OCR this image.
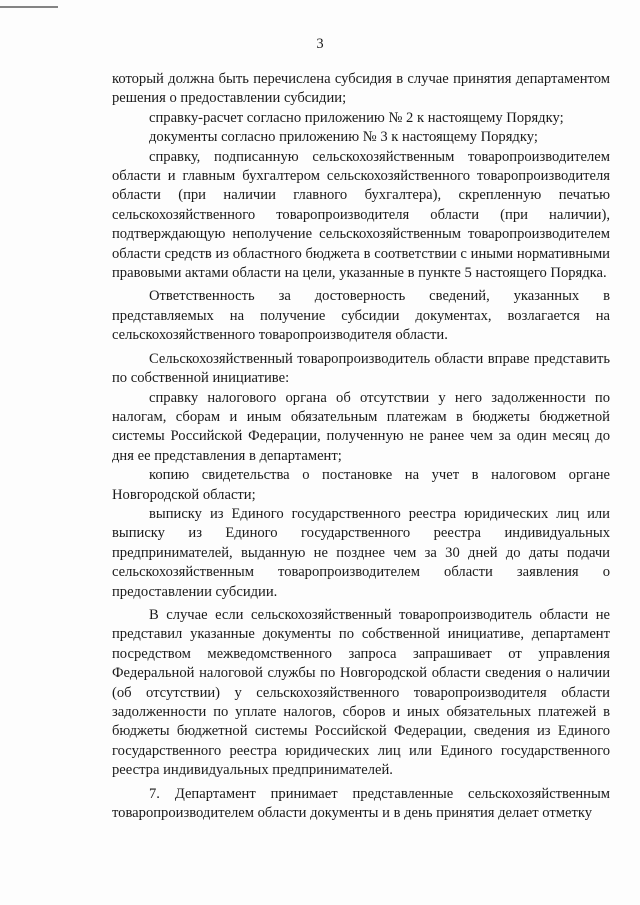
3

который должна быть перечислена субсидия в случае принятия департаментом решения о предоставлении субсидии;

справку-расчет согласно приложению № 2 к настоящему Порядку;

документы согласно приложению № 3 к настоящему Порядку;

справку, подписанную сельскохозяйственным товаропроизводителем области и главным бухгалтером сельскохозяйственного товаропроизводителя области (при наличии главного бухгалтера), скрепленную печатью сельскохозяйственного товаропроизводителя области (при наличии), подтверждающую неполучение сельскохозяйственным товаропроизводителем области средств из областного бюджета в соответствии с иными нормативными правовыми актами области на цели, указанные в пункте 5 настоящего Порядка.

Ответственность за достоверность сведений, указанных в представляемых на получение субсидии документах, возлагается на сельскохозяйственного товаропроизводителя области.

Сельскохозяйственный товаропроизводитель области вправе представить по собственной инициативе:

справку налогового органа об отсутствии у него задолженности по налогам, сборам и иным обязательным платежам в бюджеты бюджетной системы Российской Федерации, полученную не ранее чем за один месяц до дня ее представления в департамент;

копию свидетельства о постановке на учет в налоговом органе Новгородской области;

выписку из Единого государственного реестра юридических лиц или выписку из Единого государственного реестра индивидуальных предпринимателей, выданную не позднее чем за 30 дней до даты подачи сельскохозяйственным товаропроизводителем области заявления о предоставлении субсидии.

В случае если сельскохозяйственный товаропроизводитель области не представил указанные документы по собственной инициативе, департамент посредством межведомственного запроса запрашивает от управления Федеральной налоговой службы по Новгородской области сведения о наличии (об отсутствии) у сельскохозяйственного товаропроизводителя области задолженности по уплате налогов, сборов и иных обязательных платежей в бюджеты бюджетной системы Российской Федерации, сведения из Единого государственного реестра юридических лиц или Единого государственного реестра индивидуальных предпринимателей.

7. Департамент принимает представленные сельскохозяйственным товаропроизводителем области документы и в день принятия делает отметку
